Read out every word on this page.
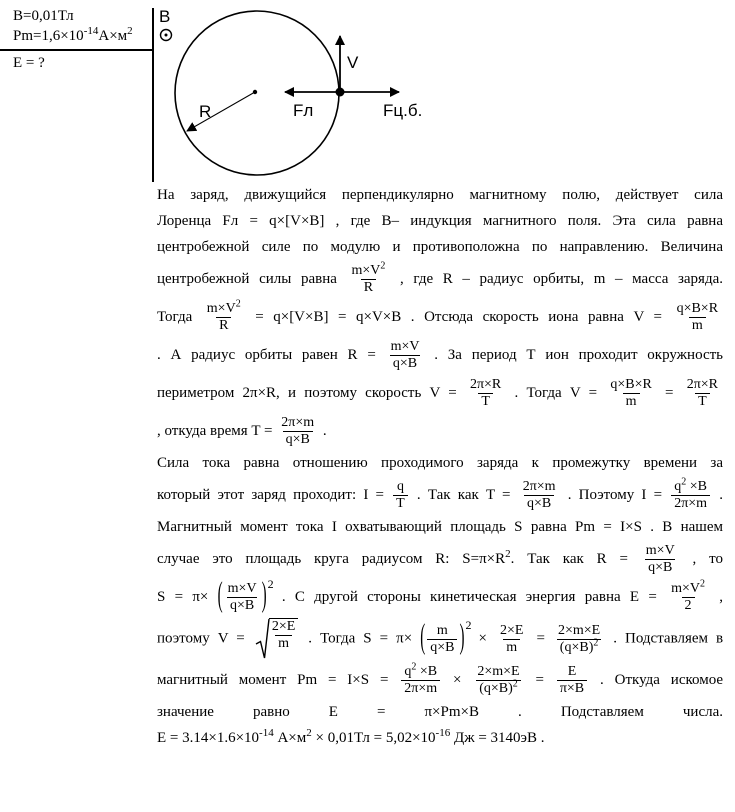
B=0,01Тл
$Pm=1,6\times 10^{-14}А\times м^2$
E = ?
B
R
V
Fл	Fц.б.
На заряд, движущийся перпендикулярно магнитному полю, действует сила
Лоренца Fл = q×[V×B] , где B– индукция магнитного поля. Эта сила равна
центробежной силе по модулю и противоположна по направлению. Величина
центробежной силы равна $\frac{m\times V^2}{R}$ , где R – радиус орбиты, m – масса заряда.
Тогда $\frac{m\times V^2}{R} = q\times[V\times B] = q\times V\times B$ . Отсюда скорость иона равна $V = \frac{q\times B\times R}{m}$
. А радиус орбиты равен $R = \frac{m\times V}{q\times B}$ . За период Т ион проходит окружность
периметром 2π×R, и поэтому скорость $V = \frac{2\pi\times R}{T}$ . Тогда $V = \frac{q\times B\times R}{m} = \frac{2\pi\times R}{T}$
, откуда время $T = \frac{2\pi\times m}{q\times B}$ .
Сила тока равна отношению проходимого заряда к промежутку времени за
который этот заряд проходит: $I = \frac{q}{T}$ . Так как $T = \frac{2\pi\times m}{q\times B}$ . Поэтому $I = \frac{q^2 \times B}{2\pi\times m}$ .
Магнитный момент тока I охватывающий площадь S равна Pm = I×S . В нашем
случае это площадь круга радиусом R: $S=\pi\times R^2$. Так как $R = \frac{m\times V}{q\times B}$ , то
S = π× ( $\frac{m\times V}{q\times B} )^2$
. С другой стороны кинетическая энергия равна $E = \frac{m\times V^2}{2}$ ,
поэтому $V = \frac{2\times E}{m}$ . Тогда S = π× ( $\frac{m}{q\times B} )^2$
× $\frac{2\times E}{m} = \frac{2\times m\times E}{(q\times B)^2}$ . Подставляем в
магнитный момент $Pm = I\times S = \frac{q^2 \times B}{2\pi\times m} \times \frac{2\times m\times E}{(q\times B)^2} = \frac{E}{\pi\times B}$ . Откуда искомое
значение равно E = π×Pm×B . Подставляем числа.
$E = 3.14\times 1.6\times 10^{-14}$ $А\times м^2 \times 0,01Тл = 5,02\times 10^{-16}$ Дж = 3140эВ .
